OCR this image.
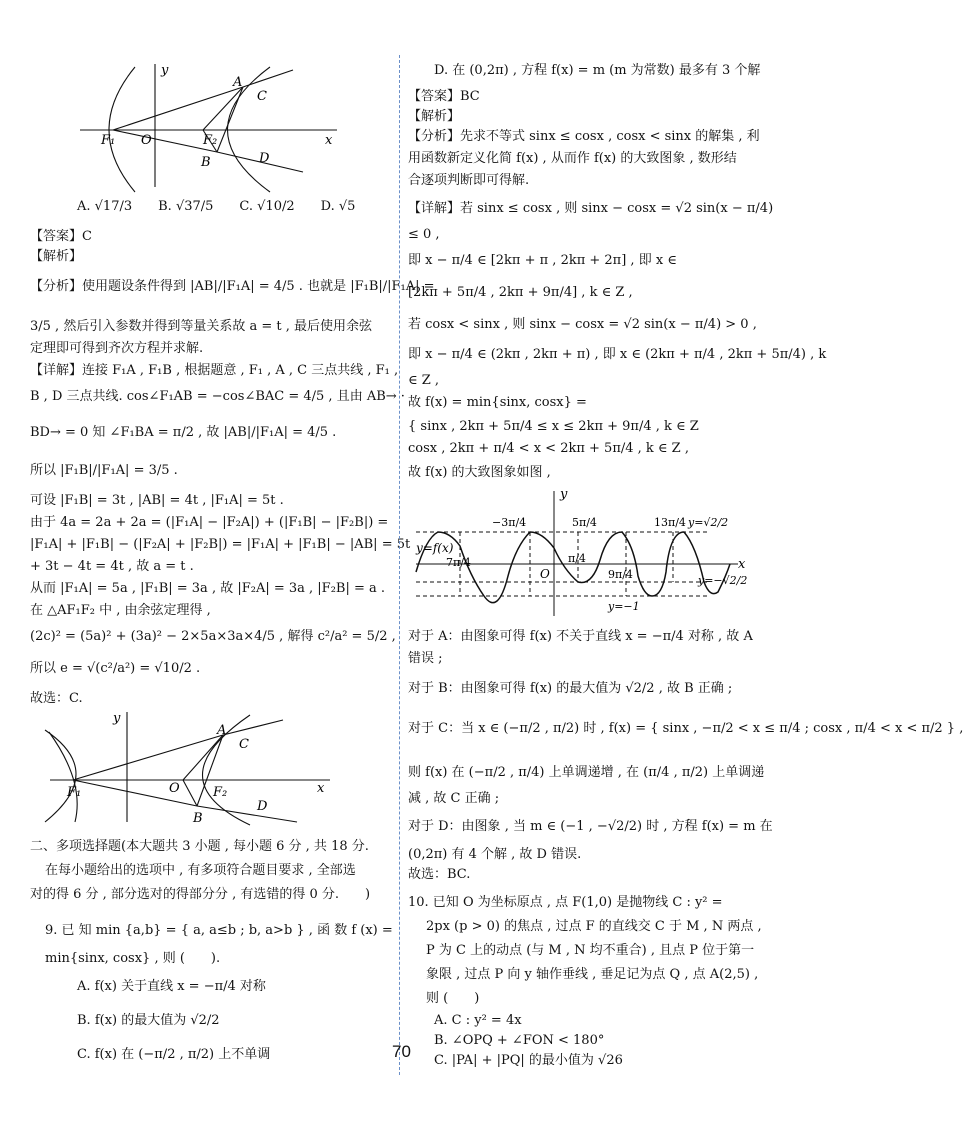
y
x
F₁ O	F₂
A
C
B	D
A. √17/3　　B. √37/5　　C. √10/2　　D. √5
【答案】C
【解析】
【分析】使用题设条件得到 |AB|/|F₁A| = 4/5 . 也就是 |F₁B|/|F₁A| =
3/5 , 然后引入参数并得到等量关系故 a = t , 最后使用余弦
定理即可得到齐次方程并求解.
【详解】连接 F₁A , F₁B , 根据题意 , F₁ , A , C 三点共线 , F₁ ,
B , D 三点共线. cos∠F₁AB = −cos∠BAC = 4/5 , 且由 AB→ ·
BD→ = 0 知 ∠F₁BA = π/2 , 故 |AB|/|F₁A| = 4/5 .
所以 |F₁B|/|F₁A| = 3/5 .
可设 |F₁B| = 3t , |AB| = 4t , |F₁A| = 5t .
由于 4a = 2a + 2a = (|F₁A| − |F₂A|) + (|F₁B| − |F₂B|) =
|F₁A| + |F₁B| − (|F₂A| + |F₂B|) = |F₁A| + |F₁B| − |AB| = 5t
+ 3t − 4t = 4t , 故 a = t .
从而 |F₁A| = 5a , |F₁B| = 3a , 故 |F₂A| = 3a , |F₂B| = a .
在 △AF₁F₂ 中 , 由余弦定理得 ,
(2c)² = (5a)² + (3a)² − 2×5a×3a×4/5 , 解得 c²/a² = 5/2 ,
所以 e = √(c²/a²) = √10/2 .
故选：C.
y
x
F₁	O	F₂
A
C
B
D
二、多项选择题(本大题共 3 小题 , 每小题 6 分 , 共 18 分.
在每小题给出的选项中 , 有多项符合题目要求 , 全部选
对的得 6 分 , 部分选对的得部分分 , 有选错的得 0 分.　　)
9. 已 知 min {a,b} = { a, a≤b ; b, a>b } , 函 数 f (x) =
min{sinx, cosx} , 则 (　　).
A. f(x) 关于直线 x = −π/4 对称
B. f(x) 的最大值为 √2/2
C. f(x) 在 (−π/2 , π/2) 上不单调
D. 在 (0,2π) , 方程 f(x) = m (m 为常数) 最多有 3 个解
【答案】BC
【解析】
【分析】先求不等式 sinx ≤ cosx , cosx < sinx 的解集 , 利
用函数新定义化简 f(x) , 从而作 f(x) 的大致图象 , 数形结
合逐项判断即可得解.
【详解】若 sinx ≤ cosx , 则 sinx − cosx = √2 sin(x − π/4)
≤ 0 ,
即 x − π/4 ∈ [2kπ + π , 2kπ + 2π] , 即 x ∈
[2kπ + 5π/4 , 2kπ + 9π/4] , k ∈ Z ,
若 cosx < sinx , 则 sinx − cosx = √2 sin(x − π/4) > 0 ,
即 x − π/4 ∈ (2kπ , 2kπ + π) , 即 x ∈ (2kπ + π/4 , 2kπ + 5π/4) , k
∈ Z ,
故 f(x) = min{sinx, cosx} =
{ sinx , 2kπ + 5π/4 ≤ x ≤ 2kπ + 9π/4 , k ∈ Z
cosx , 2kπ + π/4 < x < 2kπ + 5π/4 , k ∈ Z ,
故 f(x) 的大致图象如图 ,
y
x
O
y=f(x)
−3π/4	5π/4	13π/4
7π/4	π/4
9π/4
y=√2/2
y=−√2/2
y=−1
对于 A：由图象可得 f(x) 不关于直线 x = −π/4 对称 , 故 A
错误 ;
对于 B：由图象可得 f(x) 的最大值为 √2/2 , 故 B 正确 ;
对于 C：当 x ∈ (−π/2 , π/2) 时 , f(x) = { sinx , −π/2 < x ≤ π/4 ; cosx , π/4 < x < π/2 } ,
则 f(x) 在 (−π/2 , π/4) 上单调递增 , 在 (π/4 , π/2) 上单调递
减 , 故 C 正确 ;
对于 D：由图象 , 当 m ∈ (−1 , −√2/2) 时 , 方程 f(x) = m 在
(0,2π) 有 4 个解 , 故 D 错误.
故选：BC.
10. 已知 O 为坐标原点 , 点 F(1,0) 是抛物线 C : y² =
2px (p > 0) 的焦点 , 过点 F 的直线交 C 于 M , N 两点 ,
P 为 C 上的动点 (与 M , N 均不重合) , 且点 P 位于第一
象限 , 过点 P 向 y 轴作垂线 , 垂足记为点 Q , 点 A(2,5) ,
则 (　　)
A. C : y² = 4x
B. ∠OPQ + ∠FON < 180°
C. |PA| + |PQ| 的最小值为 √26
70
